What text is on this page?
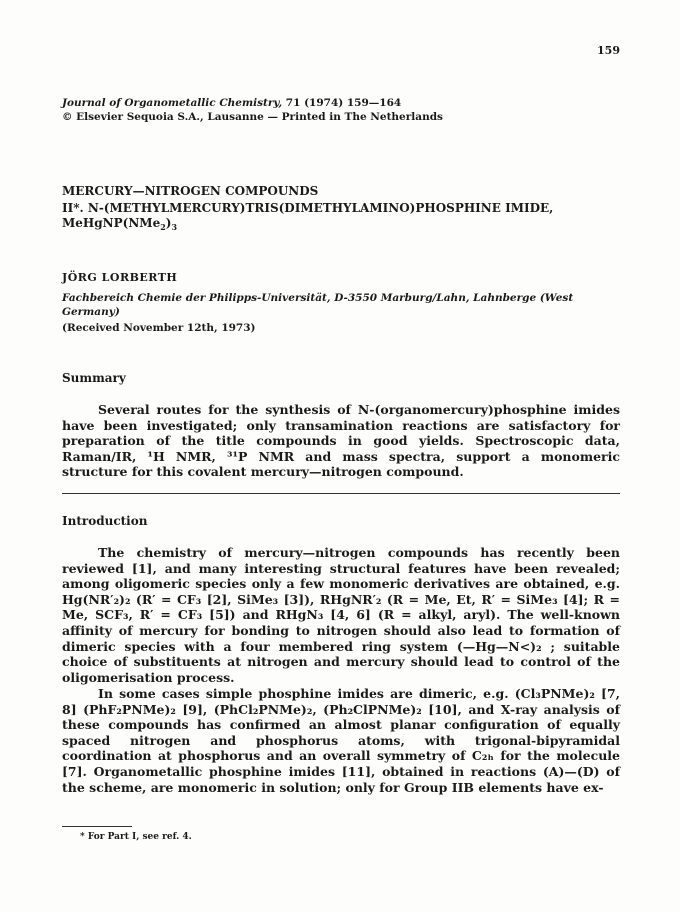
159
Journal of Organometallic Chemistry, 71 (1974) 159—164
© Elsevier Sequoia S.A., Lausanne — Printed in The Netherlands
MERCURY—NITROGEN COMPOUNDS
II*. N-(METHYLMERCURY)TRIS(DIMETHYLAMINO)PHOSPHINE IMIDE,
$MeHgNP(NMe_2)_3$
JÖRG LORBERTH
Fachbereich Chemie der Philipps-Universität, D-3550 Marburg/Lahn, Lahnberge (West Germany)
(Received November 12th, 1973)
Summary

Several routes for the synthesis of N-(organomercury)phosphine imides have been investigated; only transamination reactions are satisfactory for preparation of the title compounds in good yields. Spectroscopic data, Raman/IR, ¹H NMR, ³¹P NMR and mass spectra, support a monomeric structure for this covalent mercury—nitrogen compound.

Introduction

The chemistry of mercury—nitrogen compounds has recently been reviewed [1], and many interesting structural features have been revealed; among oligomeric species only a few monomeric derivatives are obtained, e.g. Hg(NR′₂)₂ (R′ = CF₃ [2], SiMe₃ [3]), RHgNR′₂ (R = Me, Et, R′ = SiMe₃ [4]; R = Me, SCF₃, R′ = CF₃ [5]) and RHgN₃ [4, 6] (R = alkyl, aryl). The well-known affinity of mercury for bonding to nitrogen should also lead to formation of dimeric species with a four membered ring system (—Hg—N<)₂ ; suitable choice of substituents at nitrogen and mercury should lead to control of the oligomerisation process.

In some cases simple phosphine imides are dimeric, e.g. (Cl₃PNMe)₂ [7, 8] (PhF₂PNMe)₂ [9], (PhCl₂PNMe)₂, (Ph₂ClPNMe)₂ [10], and X-ray analysis of these compounds has confirmed an almost planar configuration of equally spaced nitrogen and phosphorus atoms, with trigonal-bipyramidal coordination at phosphorus and an overall symmetry of C₂ₕ for the molecule [7]. Organometallic phosphine imides [11], obtained in reactions (A)—(D) of the scheme, are monomeric in solution; only for Group IIB elements have ex-

* For Part I, see ref. 4.
